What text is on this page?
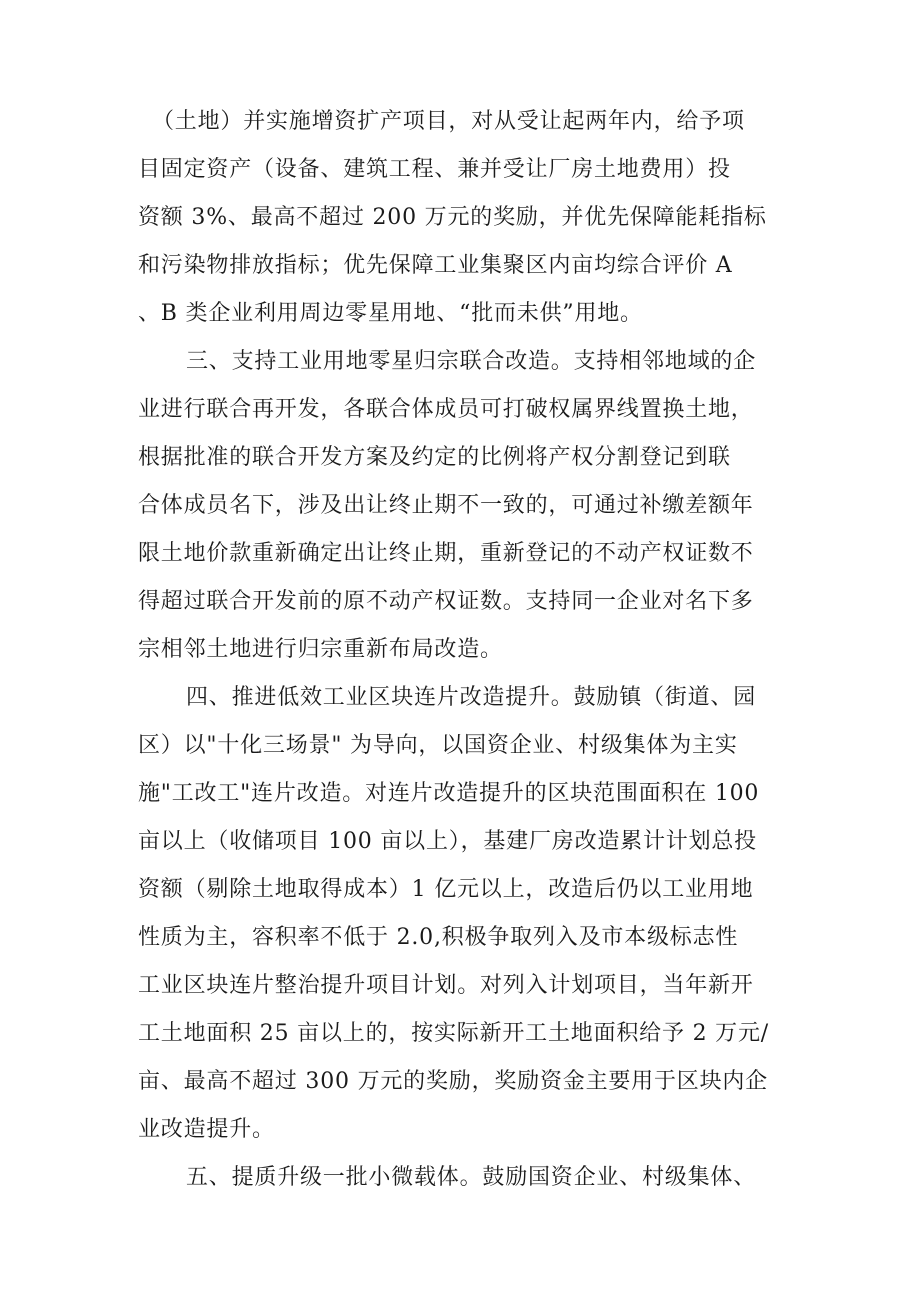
（土地）并实施增资扩产项目，对从受让起两年内，给予项

目固定资产（设备、建筑工程、兼并受让厂房土地费用）投

资额 3%、最高不超过 200 万元的奖励，并优先保障能耗指标

和污染物排放指标；优先保障工业集聚区内亩均综合评价 A

、B 类企业利用周边零星用地、“批而未供”用地。

三、支持工业用地零星归宗联合改造。支持相邻地域的企

业进行联合再开发，各联合体成员可打破权属界线置换土地，

根据批准的联合开发方案及约定的比例将产权分割登记到联

合体成员名下，涉及出让终止期不一致的，可通过补缴差额年

限土地价款重新确定出让终止期，重新登记的不动产权证数不

得超过联合开发前的原不动产权证数。支持同一企业对名下多

宗相邻土地进行归宗重新布局改造。

四、推进低效工业区块连片改造提升。鼓励镇（街道、园

区）以"十化三场景" 为导向，以国资企业、村级集体为主实

施"工改工"连片改造。对连片改造提升的区块范围面积在 100

亩以上（收储项目 100 亩以上），基建厂房改造累计计划总投

资额（剔除土地取得成本）1 亿元以上，改造后仍以工业用地

性质为主，容积率不低于 2.0,积极争取列入及市本级标志性

工业区块连片整治提升项目计划。对列入计划项目，当年新开

工土地面积 25 亩以上的，按实际新开工土地面积给予 2 万元/

亩、最高不超过 300 万元的奖励，奖励资金主要用于区块内企

业改造提升。

五、提质升级一批小微载体。鼓励国资企业、村级集体、
